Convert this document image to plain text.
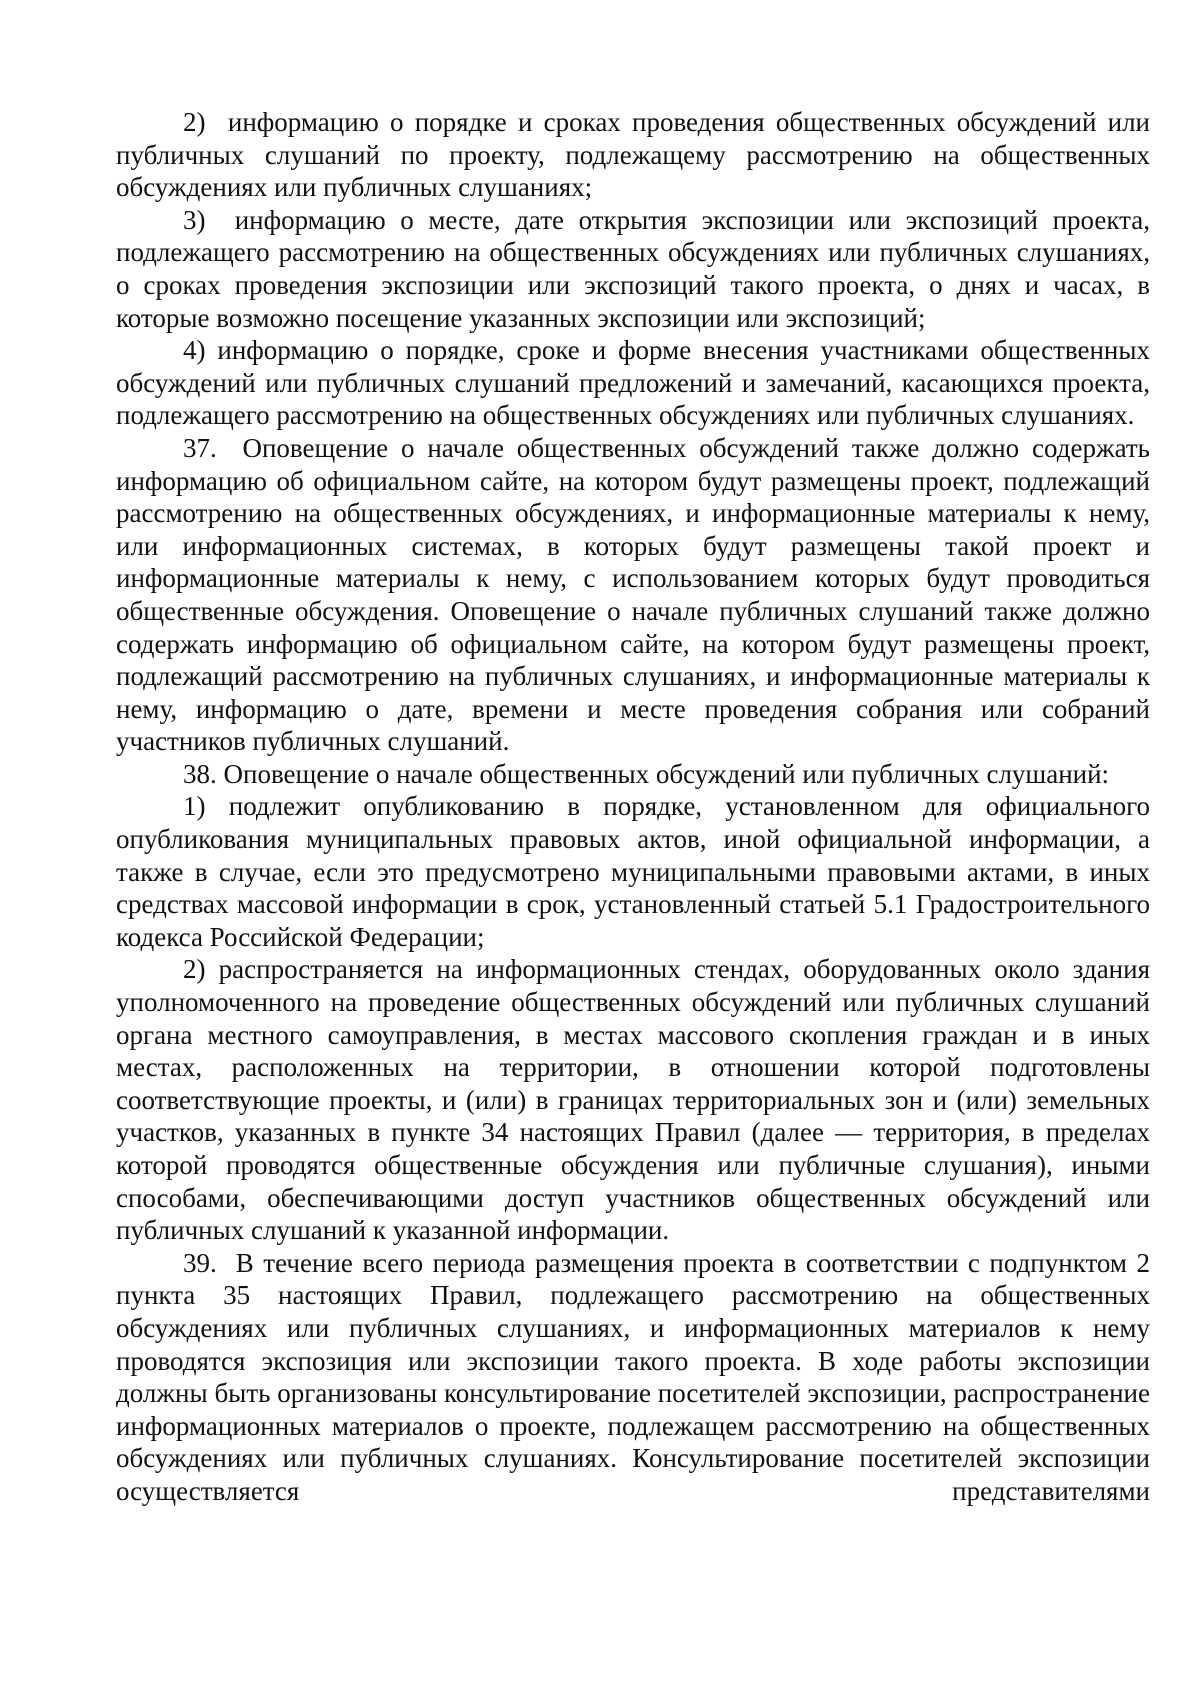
2)  информацию о порядке и сроках проведения общественных обсуждений или публичных слушаний по проекту, подлежащему рассмотрению на общественных обсуждениях или публичных слушаниях;

3)  информацию о месте, дате открытия экспозиции или экспозиций проекта, подлежащего рассмотрению на общественных обсуждениях или публичных слушаниях, о сроках проведения экспозиции или экспозиций такого проекта, о днях и часах, в которые возможно посещение указанных экспозиции или экспозиций;

4) информацию о порядке, сроке и форме внесения участниками общественных обсуждений или публичных слушаний предложений и замечаний, касающихся проекта, подлежащего рассмотрению на общественных обсуждениях или публичных слушаниях.

37.  Оповещение о начале общественных обсуждений также должно содержать информацию об официальном сайте, на котором будут размещены проект, подлежащий рассмотрению на общественных обсуждениях, и информационные материалы к нему, или информационных системах, в которых будут размещены такой проект и информационные материалы к нему, с использованием которых будут проводиться общественные обсуждения. Оповещение о начале публичных слушаний также должно содержать информацию об официальном сайте, на котором будут размещены проект, подлежащий рассмотрению на публичных слушаниях, и информационные материалы к нему, информацию о дате, времени и месте проведения собрания или собраний участников публичных слушаний.

38. Оповещение о начале общественных обсуждений или публичных слушаний:

1) подлежит опубликованию в порядке, установленном для официального опубликования муниципальных правовых актов, иной официальной информации, а также в случае, если это предусмотрено муниципальными правовыми актами, в иных средствах массовой информации в срок, установленный статьей 5.1 Градостроительного кодекса Российской Федерации;

2) распространяется на информационных стендах, оборудованных около здания уполномоченного на проведение общественных обсуждений или публичных слушаний органа местного самоуправления, в местах массового скопления граждан и в иных местах, расположенных на территории, в отношении которой подготовлены соответствующие проекты, и (или) в границах территориальных зон и (или) земельных участков, указанных в пункте 34 настоящих Правил (далее — территория, в пределах которой проводятся общественные обсуждения или публичные слушания), иными способами, обеспечивающими доступ участников общественных обсуждений или публичных слушаний к указанной информации.

39.  В течение всего периода размещения проекта в соответствии с подпунктом 2 пункта 35 настоящих Правил, подлежащего рассмотрению на общественных обсуждениях или публичных слушаниях, и информационных материалов к нему проводятся экспозиция или экспозиции такого проекта. В ходе работы экспозиции должны быть организованы консультирование посетителей экспозиции, распространение информационных материалов о проекте, подлежащем рассмотрению на общественных обсуждениях или публичных слушаниях. Консультирование посетителей экспозиции осуществляется представителями
